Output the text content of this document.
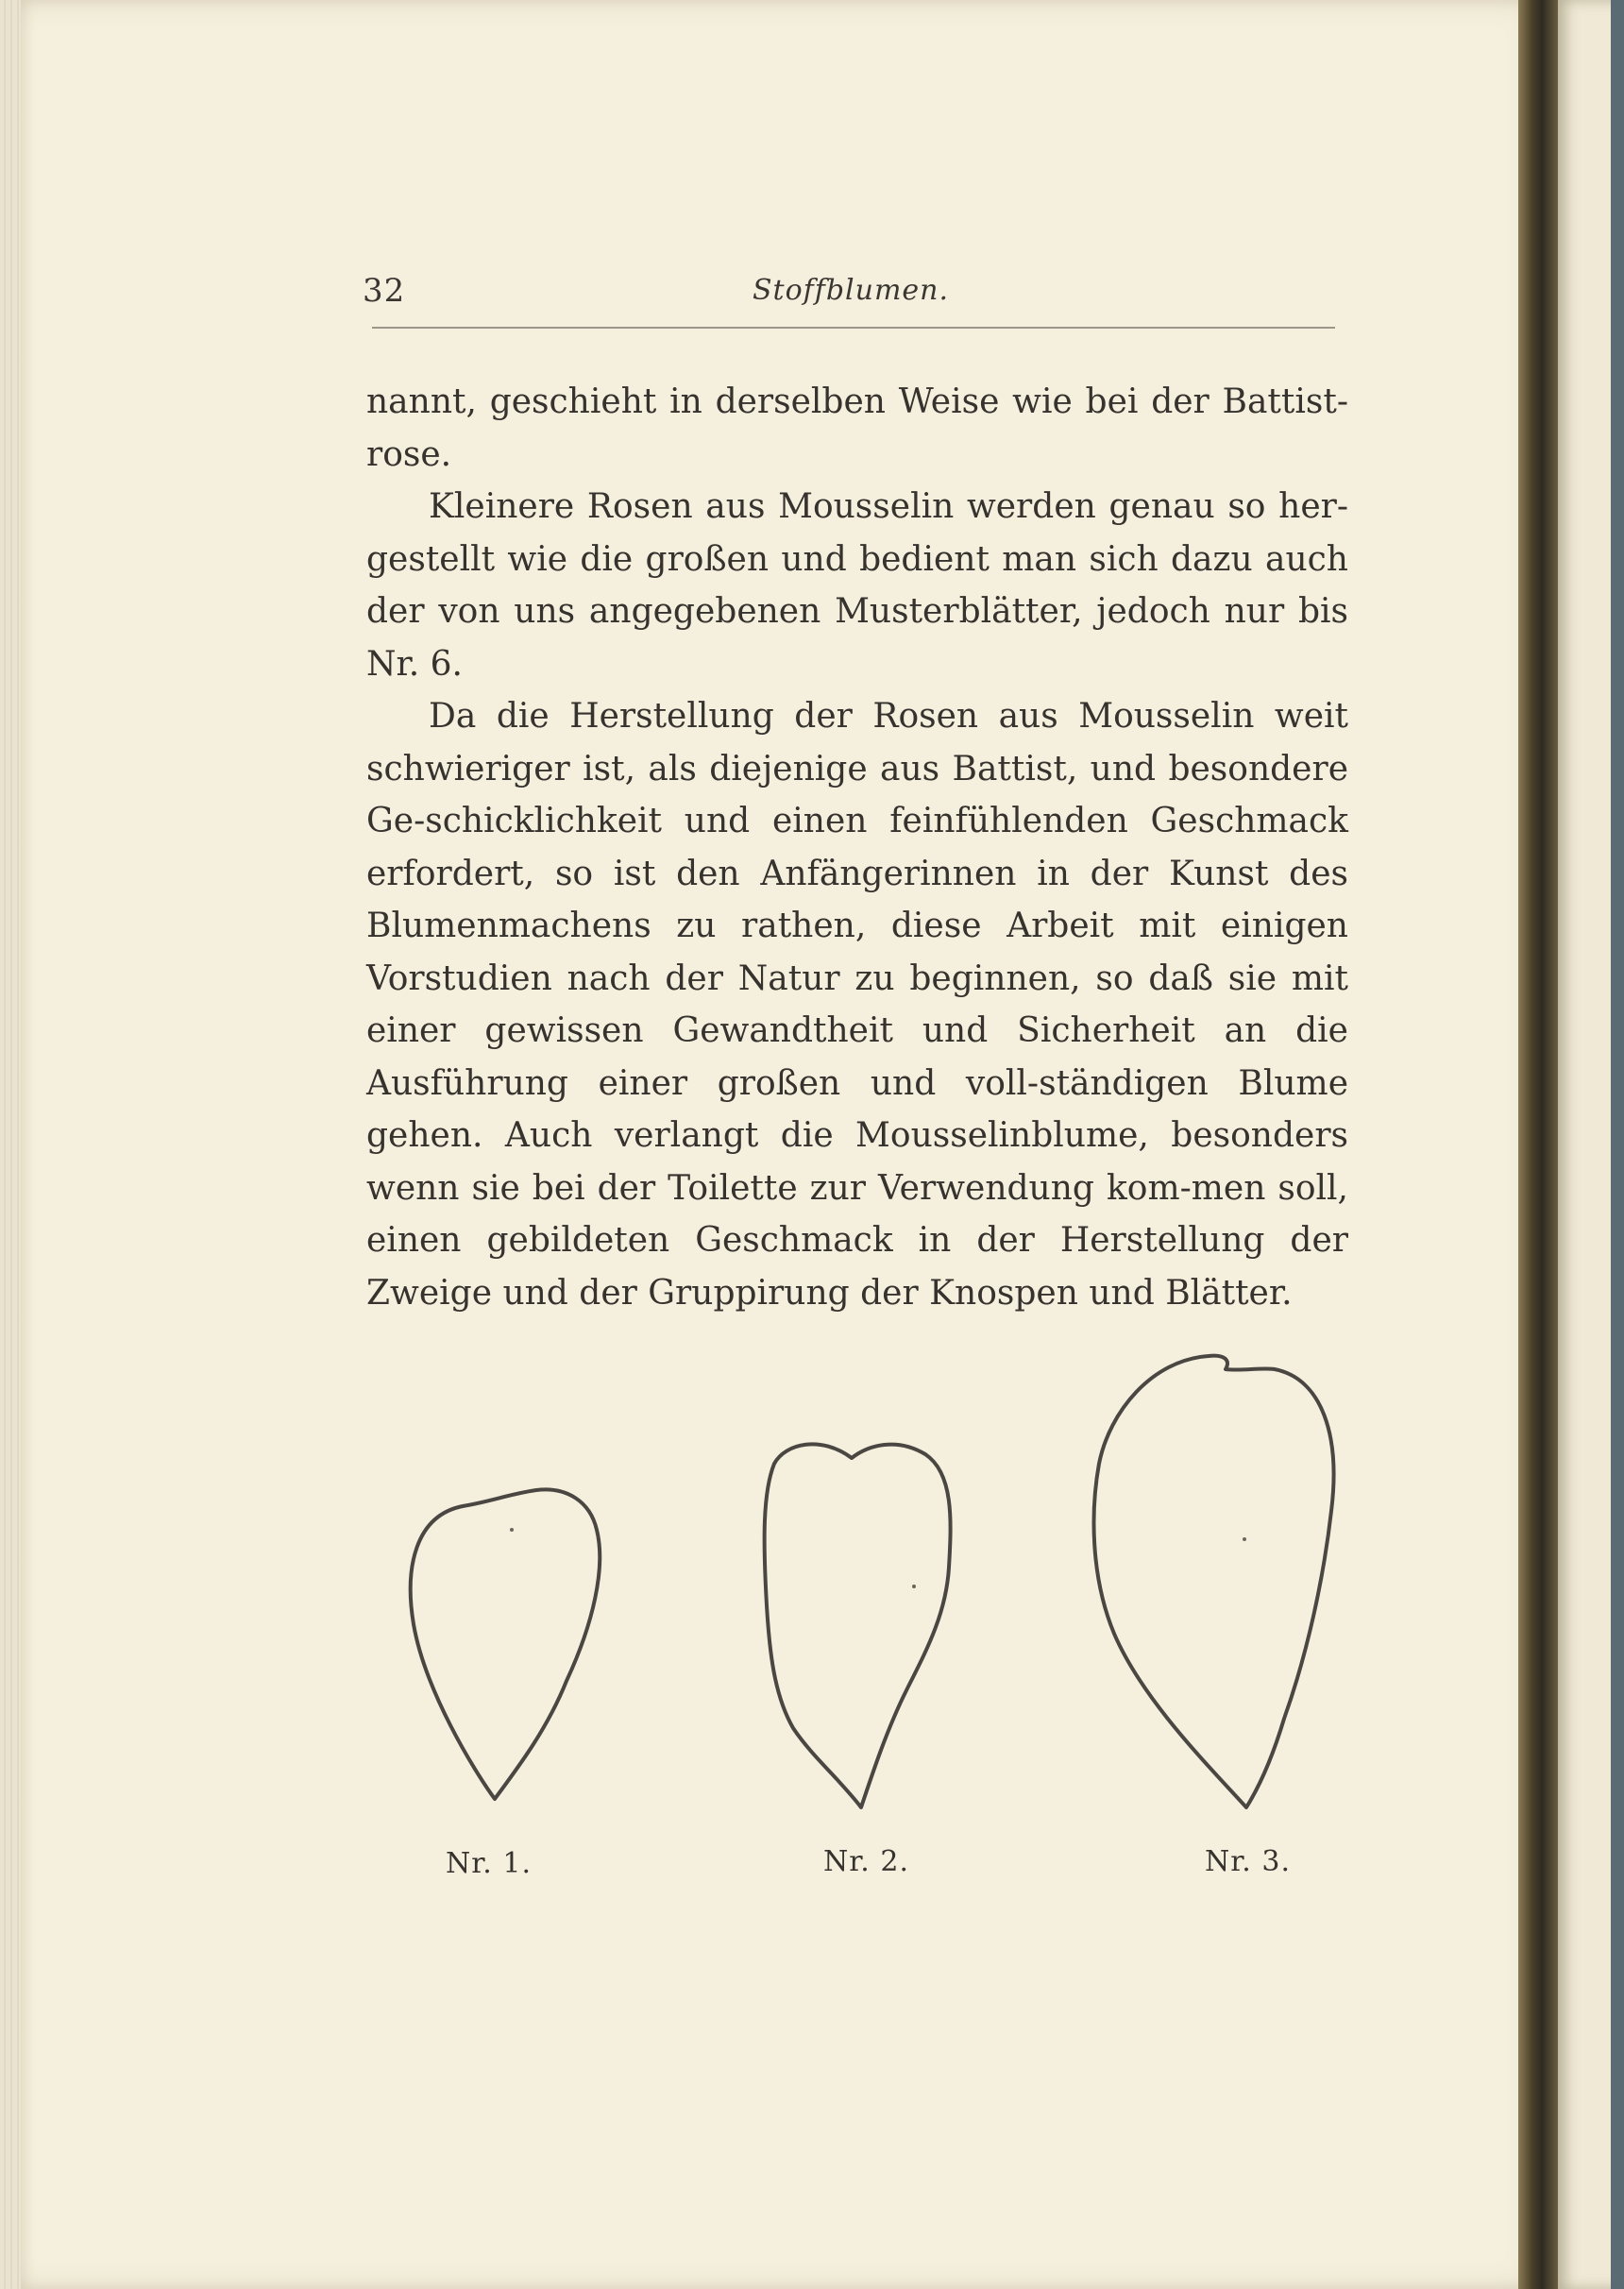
32	Stoffblumen.

nannt, geschieht in derselben Weise wie bei der Battist-rose.

Kleinere Rosen aus Mousselin werden genau so her-gestellt wie die großen und bedient man sich dazu auch der von uns angegebenen Musterblätter, jedoch nur bis Nr. 6.

Da die Herstellung der Rosen aus Mousselin weit schwieriger ist, als diejenige aus Battist, und besondere Ge-schicklichkeit und einen feinfühlenden Geschmack erfordert, so ist den Anfängerinnen in der Kunst des Blumenmachens zu rathen, diese Arbeit mit einigen Vorstudien nach der Natur zu beginnen, so daß sie mit einer gewissen Gewandtheit und Sicherheit an die Ausführung einer großen und voll-ständigen Blume gehen. Auch verlangt die Mousselinblume, besonders wenn sie bei der Toilette zur Verwendung kom-men soll, einen gebildeten Geschmack in der Herstellung der Zweige und der Gruppirung der Knospen und Blätter.

Nr. 1.	Nr. 2.	Nr. 3.
